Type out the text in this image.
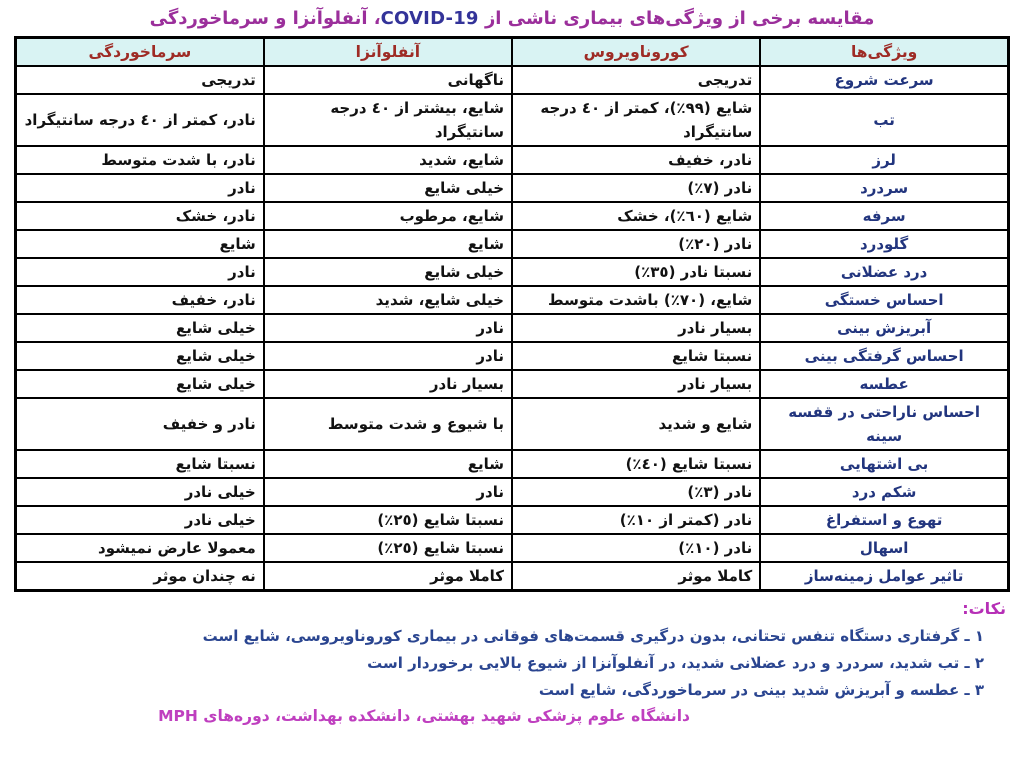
مقایسه برخی از ویژگی‌های بیماری ناشی از COVID-19، آنفلوآنزا و سرماخوردگی
ویژگی‌ها	کوروناویروس	آنفلوآنزا	سرماخوردگی
سرعت شروع	تدریجی	ناگهانی	تدریجی
تب	شایع (٩٩٪)، کمتر از ٤٠ درجه سانتیگراد	شایع، بیشتر از ٤٠ درجه سانتیگراد	نادر، کمتر از ٤٠ درجه سانتیگراد
لرز	نادر، خفیف	شایع، شدید	نادر، با شدت متوسط
سردرد	نادر (٧٪)	خیلی شایع	نادر
سرفه	شایع (٦٠٪)، خشک	شایع، مرطوب	نادر، خشک
گلودرد	نادر (٢٠٪)	شایع	شایع
درد عضلانی	نسبتا نادر (٣٥٪)	خیلی شایع	نادر
احساس خستگی	شایع، (٧٠٪) باشدت متوسط	خیلی شایع، شدید	نادر، خفیف
آبریزش بینی	بسیار نادر	نادر	خیلی شایع
احساس گرفتگی بینی	نسبتا شایع	نادر	خیلی شایع
عطسه	بسیار نادر	بسیار نادر	خیلی شایع
احساس ناراحتی در قفسه سینه	شایع و شدید	با شیوع و شدت متوسط	نادر و خفیف
بی اشتهایی	نسبتا شایع (٤٠٪)	شایع	نسبتا شایع
شکم درد	نادر (٣٪)	نادر	خیلی نادر
تهوع و استفراغ	نادر (کمتر از ١٠٪)	نسبتا شایع (٢٥٪)	خیلی نادر
اسهال	نادر (١٠٪)	نسبتا شایع (٢٥٪)	معمولا عارض نمیشود
تاثیر عوامل زمینه‌ساز	کاملا موثر	کاملا موثر	نه چندان موثر
نکات:
١ ـ گرفتاری دستگاه تنفس تحتانی، بدون درگیری قسمت‌های فوقانی در بیماری کوروناویروسی، شایع است
٢ ـ تب شدید، سردرد و درد عضلانی شدید، در آنفلوآنزا از شیوع بالایی برخوردار است
٣ ـ عطسه و آبریزش شدید بینی در سرماخوردگی، شایع است
دانشگاه علوم پزشکی شهید بهشتی، دانشکده بهداشت، دوره‌های MPH
